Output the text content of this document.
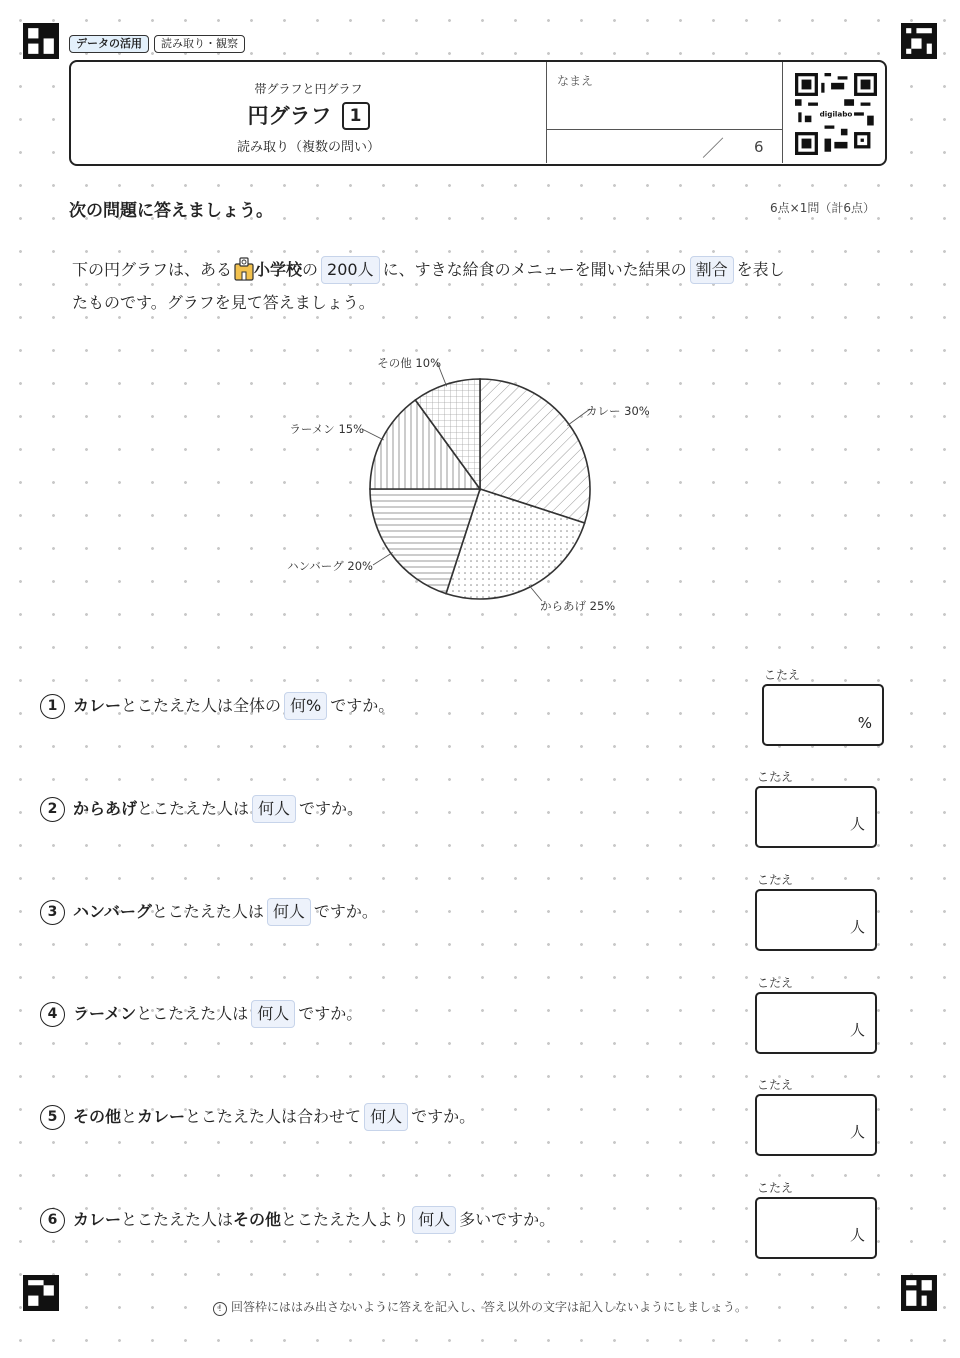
データの活用	読み取り・観察
帯グラフと円グラフ
円グラフ 1
読み取り（複数の問い）
なまえ
／ 6
digilabo
次の問題に答えましょう。	6点×1問（計6点）
下の円グラフは、ある 小学校の 200人 に、すきな給食のメニューを聞いた結果の 割合 を表し
たものです。グラフを見て答えましょう。
カレー 30%
からあげ 25%
ハンバーグ 20%
ラーメン 15%
その他 10%
1 カレーとこたえた人は全体の 何% ですか。
2 からあげとこたえた人は 何人 ですか。
3 ハンバーグとこたえた人は 何人 ですか。
4 ラーメンとこたえた人は 何人 ですか。
5 その他とカレーとこたえた人は合わせて 何人 ですか。
6 カレーとこたえた人はその他とこたえた人より 何人 多いですか。
こたえ
%
こたえ
人
こたえ
人
こたえ
人
こたえ
人
こたえ
人
! 回答枠にははみ出さないように答えを記入し、答え以外の文字は記入しないようにしましょう。
